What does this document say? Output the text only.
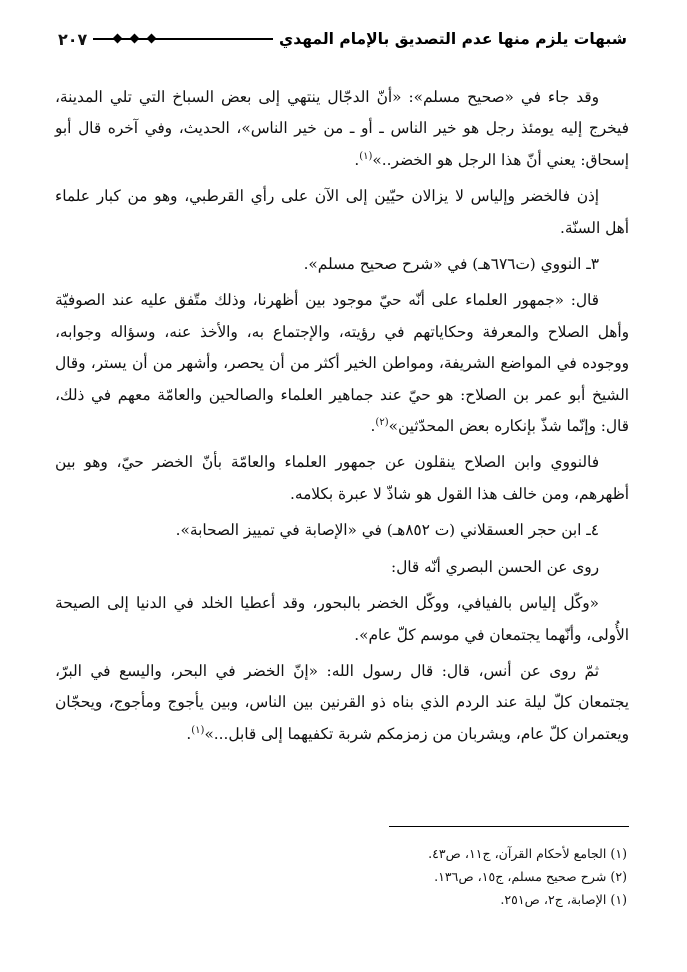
شبهات يلزم منها عدم التصديق بالإمام المهدي
٢٠٧

وقد جاء في «صحيح مسلم»: «أنّ الدجّال ينتهي إلى بعض السباخ التي تلي المدينة، فيخرج إليه يومئذ رجل هو خير الناس ـ أو ـ من خير الناس»، الحديث، وفي آخره قال أبو إسحاق: يعني أنّ هذا الرجل هو الخضر..»$^{(١)}$.

إذن فالخضر وإلياس لا يزالان حيّين إلى الآن على رأي القرطبي، وهو من كبار علماء أهل السنّة.

٣ـ النووي (ت٦٧٦هـ) في «شرح صحيح مسلم».

قال: «جمهور العلماء على أنّه حيّ موجود بين أظهرنا، وذلك متّفق عليه عند الصوفيّة وأهل الصلاح والمعرفة وحكاياتهم في رؤيته، والإجتماع به، والأخذ عنه، وسؤاله وجوابه، ووجوده في المواضع الشريفة، ومواطن الخير أكثر من أن يحصر، وأشهر من أن يستر، وقال الشيخ أبو عمر بن الصلاح: هو حيّ عند جماهير العلماء والصالحين والعامّة معهم في ذلك، قال: وإنّما شذّ بإنكاره بعض المحدّثين»$^{(٢)}$.

فالنووي وابن الصلاح ينقلون عن جمهور العلماء والعامّة بأنّ الخضر حيّ، وهو بين أظهرهم، ومن خالف هذا القول هو شاذّ لا عبرة بكلامه.

٤ـ ابن حجر العسقلاني (ت ٨٥٢هـ) في «الإصابة في تمييز الصحابة».

روى عن الحسن البصري أنّه قال:

«وكّل إلياس بالفيافي، ووكّل الخضر بالبحور، وقد أعطيا الخلد في الدنيا إلى الصيحة الأُولى، وأنّهما يجتمعان في موسم كلّ عام».

ثمّ روى عن أنس، قال: قال رسول الله: «إنّ الخضر في البحر، واليسع في البرّ، يجتمعان كلّ ليلة عند الردم الذي بناه ذو القرنين بين الناس، وبين يأجوج ومأجوج، ويحجّان ويعتمران كلّ عام، ويشربان من زمزمكم شربة تكفيهما إلى قابل...»$^{(١)}$.

(١) الجامع لأحكام القرآن، ج١١، ص٤٣.
(٢) شرح صحيح مسلم، ج١٥، ص١٣٦.
(١) الإصابة، ج٢، ص٢٥١.
